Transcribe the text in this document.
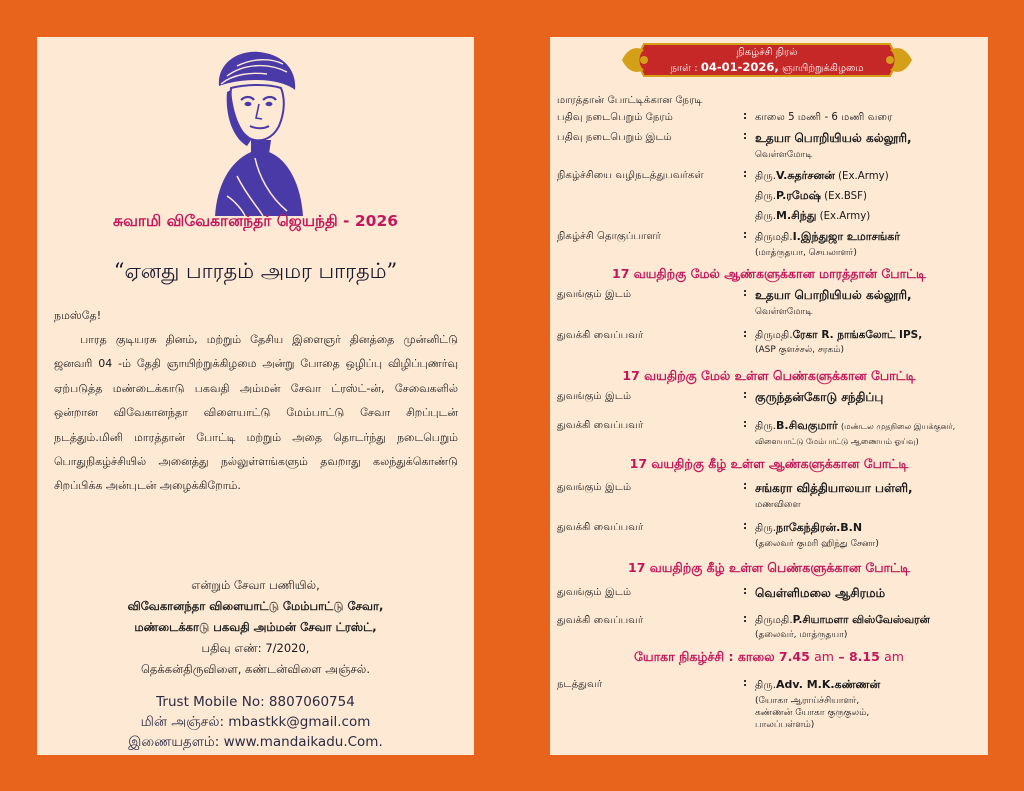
சுவாமி விவேகானந்தர் ஜெயந்தி - 2026
“ஏனது பாரதம் அமர பாரதம்”
நமஸ்தே!
பாரத குடியரசு தினம், மற்றும் தேசிய இளைஞர் தினத்தை முன்னிட்டு ஜனவரி 04 -ம் தேதி ஞாயிற்றுக்கிழமை அன்று போதை ஒழிப்பு விழிப்புணர்வு ஏற்படுத்த மண்டைக்காடு பகவதி அம்மன் சேவா ட்ரஸ்ட்-ன், சேவைகளில் ஒன்றான விவேகானந்தா விளையாட்டு மேம்பாட்டு சேவா சிறப்புடன் நடத்தும்.மினி மாரத்தான் போட்டி மற்றும் அதை தொடர்ந்து நடைபெறும் பொதுநிகழ்ச்சியில் அனைத்து நல்லுள்ளங்களும் தவறாது கலந்துக்கொண்டு சிறப்பிக்க அன்புடன் அழைக்கிறோம்.
என்றும் சேவா பணியில்,
விவேகானந்தா விளையாட்டு மேம்பாட்டு சேவா,
மண்டைக்காடு பகவதி அம்மன் சேவா ட்ரஸ்ட்,
பதிவு எண்: 7/2020,
தெக்கன்திருவிளை, கண்டன்விளை அஞ்சல்.
Trust Mobile No: 8807060754
மின் அஞ்சல்: mbastkk@gmail.com
இணையதளம்: www.mandaikadu.Com.
நிகழ்ச்சி நிரல்
நாள் : 04-01-2026, ஞாயிற்றுக்கிழமை
மாரத்தான் போட்டிக்கான நேரடி
பதிவு நடைபெறும் நேரம்	: காலை 5 மணி - 6 மணி வரை
பதிவு நடைபெறும் இடம்	: உதயா பொறியியல் கல்லூரி,
வெள்ளமோடி
நிகழ்ச்சியை வழிநடத்துபவர்கள்	: திரு.V.சுதர்சனன் (Ex.Army)
திரு.P.ரமேஷ் (Ex.BSF)
திரு.M.சிந்து (Ex.Army)
நிகழ்ச்சி தொகுப்பாளர்	: திருமதி.I.இந்துஜா உமாசங்கர்
(மாத்ருதயா, செயலாளர்)
17 வயதிற்கு மேல் ஆண்களுக்கான மாரத்தான் போட்டி
துவங்கும் இடம்	: உதயா பொறியியல் கல்லூரி,
வெள்ளமோடி
துவக்கி வைப்பவர்	: திருமதி.ரேகா R. நாங்கலோட் IPS,
(ASP குளச்சல், சரகம்)
17 வயதிற்கு மேல் உள்ள பெண்களுக்கான போட்டி
துவங்கும் இடம்	: குருந்தன்கோடு சந்திப்பு
துவக்கி வைப்பவர்	: திரு.B.சிவகுமார் (மண்டல முதநிலை இயக்குனர்,
விளையாட்டு மேம்பாட்டு ஆணையம் ஓய்வு)
17 வயதிற்கு கீழ் உள்ள ஆண்களுக்கான போட்டி
துவங்கும் இடம்	: சங்கரா வித்தியாலயா பள்ளி,
மணவிளை
துவக்கி வைப்பவர்	: திரு.நாகேந்திரன்.B.N
(தலைவர் குமரி ஹிந்து சேனா)
17 வயதிற்கு கீழ் உள்ள பெண்களுக்கான போட்டி
துவங்கும் இடம்	: வெள்ளிமலை ஆசிரமம்
துவக்கி வைப்பவர்	: திருமதி.P.சியாமளா விஸ்வேஸ்வரன்
(தலைவர், மாத்ருதயா)
யோகா நிகழ்ச்சி : காலை 7.45 am – 8.15 am
நடத்துவர்	: திரு.Adv. M.K.கண்ணன்
(யோகா ஆராய்ச்சியாளர்,
கண்ணன் யோகா குருகுலம்,
பாலப்பள்ளம்)
